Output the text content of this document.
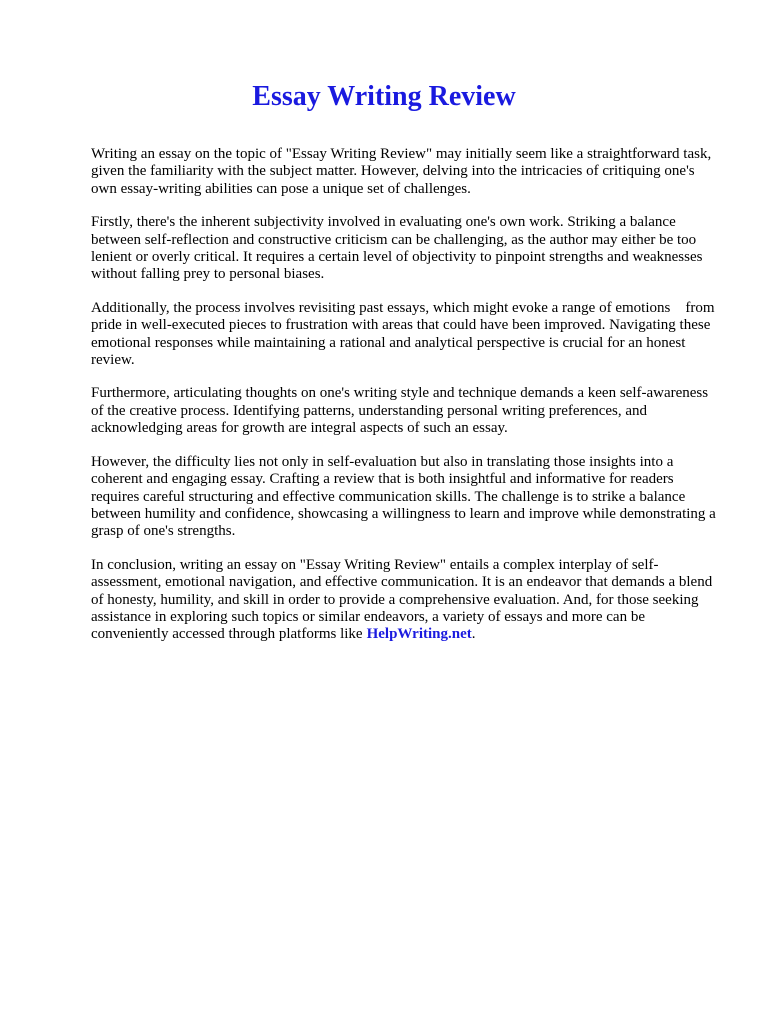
Essay Writing Review

Writing an essay on the topic of "Essay Writing Review" may initially seem like a straightforward task, given the familiarity with the subject matter. However, delving into the intricacies of critiquing one's own essay-writing abilities can pose a unique set of challenges.

Firstly, there's the inherent subjectivity involved in evaluating one's own work. Striking a balance between self-reflection and constructive criticism can be challenging, as the author may either be too lenient or overly critical. It requires a certain level of objectivity to pinpoint strengths and weaknesses without falling prey to personal biases.

Additionally, the process involves revisiting past essays, which might evoke a range of emotions    from pride in well-executed pieces to frustration with areas that could have been improved. Navigating these emotional responses while maintaining a rational and analytical perspective is crucial for an honest review.

Furthermore, articulating thoughts on one's writing style and technique demands a keen self-awareness of the creative process. Identifying patterns, understanding personal writing preferences, and acknowledging areas for growth are integral aspects of such an essay.

However, the difficulty lies not only in self-evaluation but also in translating those insights into a coherent and engaging essay. Crafting a review that is both insightful and informative for readers requires careful structuring and effective communication skills. The challenge is to strike a balance between humility and confidence, showcasing a willingness to learn and improve while demonstrating a grasp of one's strengths.

In conclusion, writing an essay on "Essay Writing Review" entails a complex interplay of self-assessment, emotional navigation, and effective communication. It is an endeavor that demands a blend of honesty, humility, and skill in order to provide a comprehensive evaluation. And, for those seeking assistance in exploring such topics or similar endeavors, a variety of essays and more can be conveniently accessed through platforms like HelpWriting.net.
